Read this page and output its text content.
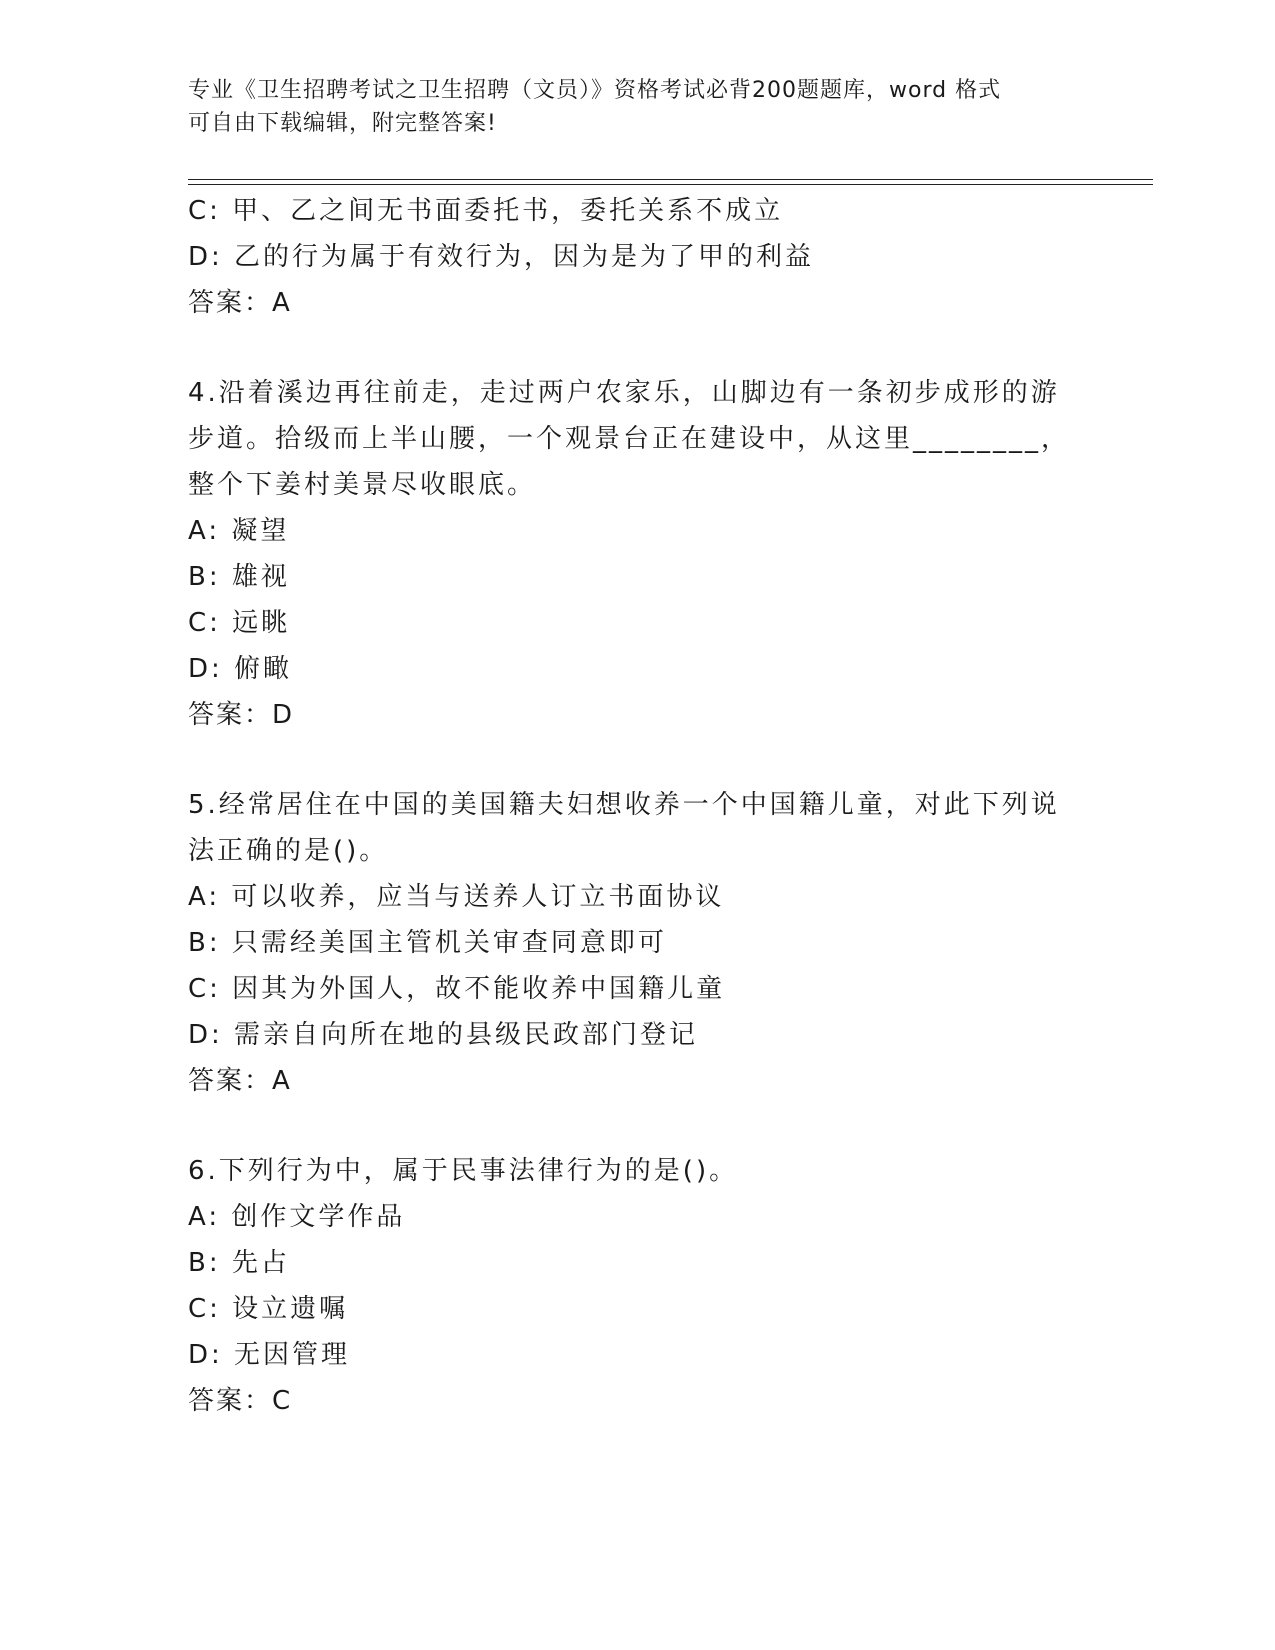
专业《卫生招聘考试之卫生招聘（文员）》资格考试必背200题题库，word 格式
可自由下载编辑，附完整答案!
C: 甲、乙之间无书面委托书，委托关系不成立
D: 乙的行为属于有效行为，因为是为了甲的利益
答案：A
4.沿着溪边再往前走，走过两户农家乐，山脚边有一条初步成形的游
步道。拾级而上半山腰，一个观景台正在建设中，从这里________，
整个下姜村美景尽收眼底。
A: 凝望
B: 雄视
C: 远眺
D: 俯瞰
答案：D
5.经常居住在中国的美国籍夫妇想收养一个中国籍儿童，对此下列说
法正确的是()。
A: 可以收养，应当与送养人订立书面协议
B: 只需经美国主管机关审查同意即可
C: 因其为外国人，故不能收养中国籍儿童
D: 需亲自向所在地的县级民政部门登记
答案：A
6.下列行为中，属于民事法律行为的是()。
A: 创作文学作品
B: 先占
C: 设立遗嘱
D: 无因管理
答案：C
